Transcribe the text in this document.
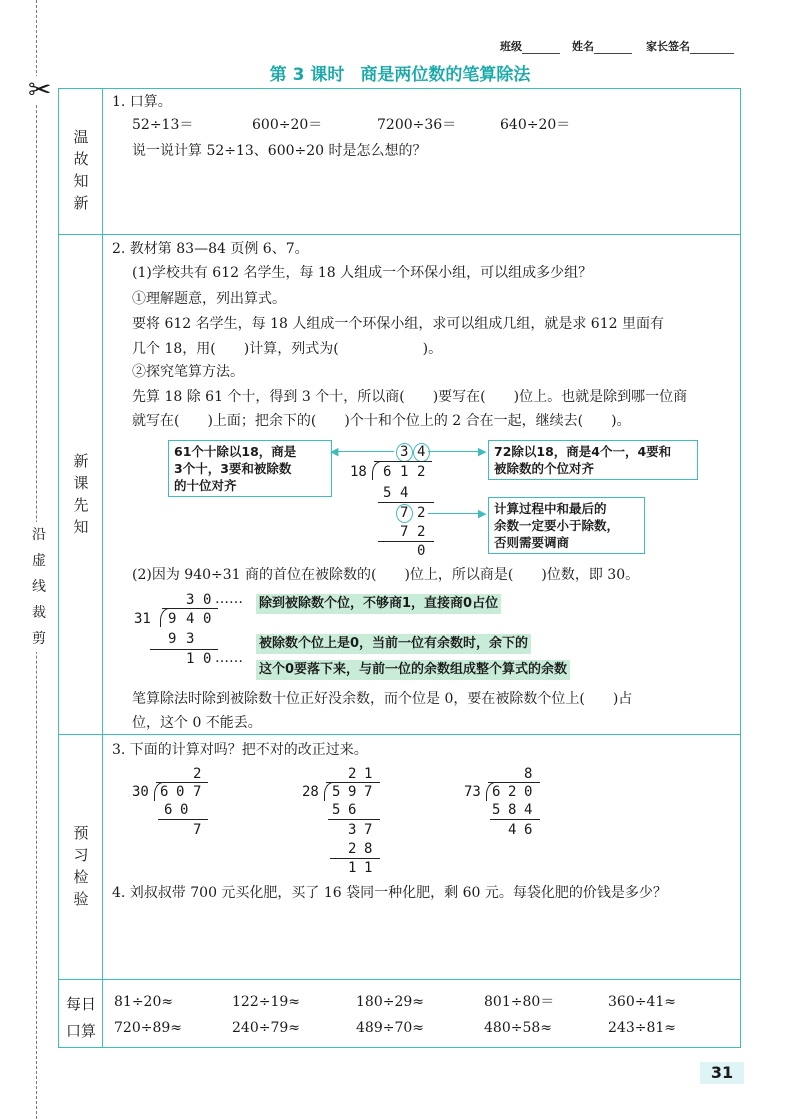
✂
沿虚线裁剪
班级	姓名	家长签名
第 3 课时 商是两位数的笔算除法
温故知新
新课先知
预习检验
每日口算
1. 口算。
52÷13＝	600÷20＝	7200÷36＝	640÷20＝
说一说计算 52÷13、600÷20 时是怎么想的？
2. 教材第 83—84 页例 6、7。
(1)学校共有 612 名学生，每 18 人组成一个环保小组，可以组成多少组？
①理解题意，列出算式。
要将 612 名学生，每 18 人组成一个环保小组，求可以组成几组，就是求 612 里面有
几个 18，用(　　)计算，列式为(　　　　　　)。
②探究笔算方法。
先算 18 除 61 个十，得到 3 个十，所以商(　　)要写在(　　)位上。也就是除到哪一位商
就写在(　　)上面；把余下的(　　)个十和个位上的 2 合在一起，继续去(　　)。
61个十除以18，商是
3个十，3要和被除数
的十位对齐
72除以18，商是4个一，4要和
被除数的个位对齐
计算过程中和最后的
余数一定要小于除数，
否则需要调商
◀	▶
▶
3 4
18 6 1 2
5 4
7 2
7 2
0
(2)因为 940÷31 商的首位在被除数的(　　)位上，所以商是(　　)位数，即 30。
3 0 ……
31 9 4 0
9 3
1 0 ……
除到被除数个位，不够商1，直接商0占位
被除数个位上是0，当前一位有余数时，余下的
这个0要落下来，与前一位的余数组成整个算式的余数
笔算除法时除到被除数十位正好没余数，而个位是 0，要在被除数个位上(　　)占
位，这个 0 不能丢。
3. 下面的计算对吗？把不对的改正过来。
2
30 6 0 7
6 0
7
2 1
28 5 9 7
5 6
3 7
2 8
1 1
8
73 6 2 0
5 8 4
4 6
4. 刘叔叔带 700 元买化肥，买了 16 袋同一种化肥，剩 60 元。每袋化肥的价钱是多少？
81÷20≈	122÷19≈	180÷29≈	801÷80＝	360÷41≈
720÷89≈	240÷79≈	489÷70≈	480÷58≈	243÷81≈
31
